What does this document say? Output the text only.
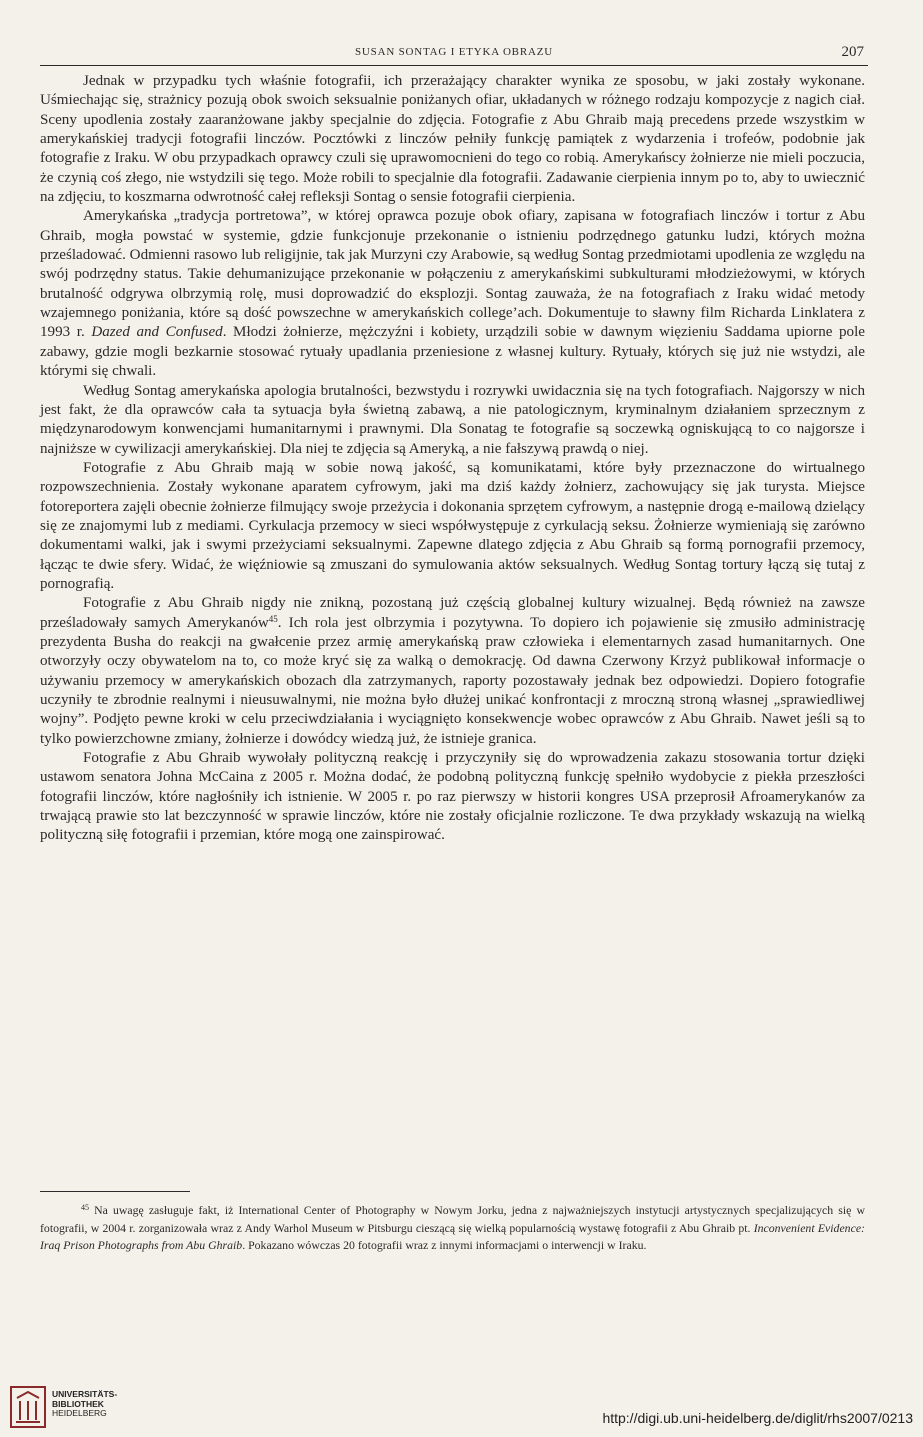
SUSAN SONTAG I ETYKA OBRAZU	207

Jednak w przypadku tych właśnie fotografii, ich przerażający charakter wynika ze sposobu, w jaki zostały wykonane. Uśmiechając się, strażnicy pozują obok swoich seksualnie poniżanych ofiar, układanych w różnego rodzaju kompozycje z nagich ciał. Sceny upodlenia zostały zaaranżowane jakby specjalnie do zdjęcia. Fotografie z Abu Ghraib mają precedens przede wszystkim w amerykańskiej tradycji fotografii linczów. Pocztówki z linczów pełniły funkcję pamiątek z wydarzenia i trofeów, podobnie jak fotografie z Iraku. W obu przypadkach oprawcy czuli się uprawomocnieni do tego co robią. Amerykańscy żołnierze nie mieli poczucia, że czynią coś złego, nie wstydzili się tego. Może robili to specjalnie dla fotografii. Zadawanie cierpienia innym po to, aby to uwiecznić na zdjęciu, to koszmarna odwrotność całej refleksji Sontag o sensie fotografii cierpienia.

Amerykańska „tradycja portretowa”, w której oprawca pozuje obok ofiary, zapisana w fotografiach linczów i tortur z Abu Ghraib, mogła powstać w systemie, gdzie funkcjonuje przekonanie o istnieniu podrzędnego gatunku ludzi, których można prześladować. Odmienni rasowo lub religijnie, tak jak Murzyni czy Arabowie, są według Sontag przedmiotami upodlenia ze względu na swój podrzędny status. Takie dehumanizujące przekonanie w połączeniu z amerykańskimi subkulturami młodzieżowymi, w których brutalność odgrywa olbrzymią rolę, musi doprowadzić do eksplozji. Sontag zauważa, że na fotografiach z Iraku widać metody wzajemnego poniżania, które są dość powszechne w amerykańskich college’ach. Dokumentuje to sławny film Richarda Linklatera z 1993 r. Dazed and Confused. Młodzi żołnierze, mężczyźni i kobiety, urządzili sobie w dawnym więzieniu Saddama upiorne pole zabawy, gdzie mogli bezkarnie stosować rytuały upadlania przeniesione z własnej kultury. Rytuały, których się już nie wstydzi, ale którymi się chwali.

Według Sontag amerykańska apologia brutalności, bezwstydu i rozrywki uwidacznia się na tych fotografiach. Najgorszy w nich jest fakt, że dla oprawców cała ta sytuacja była świetną zabawą, a nie patologicznym, kryminalnym działaniem sprzecznym z międzynarodowym konwencjami humanitarnymi i prawnymi. Dla Sonatag te fotografie są soczewką ogniskującą to co najgorsze i najniższe w cywilizacji amerykańskiej. Dla niej te zdjęcia są Ameryką, a nie fałszywą prawdą o niej.

Fotografie z Abu Ghraib mają w sobie nową jakość, są komunikatami, które były przeznaczone do wirtualnego rozpowszechnienia. Zostały wykonane aparatem cyfrowym, jaki ma dziś każdy żołnierz, zachowujący się jak turysta. Miejsce fotoreportera zajęli obecnie żołnierze filmujący swoje przeżycia i dokonania sprzętem cyfrowym, a następnie drogą e-mailową dzielący się ze znajomymi lub z mediami. Cyrkulacja przemocy w sieci współwystępuje z cyrkulacją seksu. Żołnierze wymieniają się zarówno dokumentami walki, jak i swymi przeżyciami seksualnymi. Zapewne dlatego zdjęcia z Abu Ghraib są formą pornografii przemocy, łącząc te dwie sfery. Widać, że więźniowie są zmuszani do symulowania aktów seksualnych. Według Sontag tortury łączą się tutaj z pornografią.

Fotografie z Abu Ghraib nigdy nie znikną, pozostaną już częścią globalnej kultury wizualnej. Będą również na zawsze prześladowały samych Amerykanów$^{45}$. Ich rola jest olbrzymia i pozytywna. To dopiero ich pojawienie się zmusiło administrację prezydenta Busha do reakcji na gwałcenie przez armię amerykańską praw człowieka i elementarnych zasad humanitarnych. One otworzyły oczy obywatelom na to, co może kryć się za walką o demokrację. Od dawna Czerwony Krzyż publikował informacje o używaniu przemocy w amerykańskich obozach dla zatrzymanych, raporty pozostawały jednak bez odpowiedzi. Dopiero fotografie uczyniły te zbrodnie realnymi i nieusuwalnymi, nie można było dłużej unikać konfrontacji z mroczną stroną własnej „sprawiedliwej wojny”. Podjęto pewne kroki w celu przeciwdziałania i wyciągnięto konsekwencje wobec oprawców z Abu Ghraib. Nawet jeśli są to tylko powierzchowne zmiany, żołnierze i dowódcy wiedzą już, że istnieje granica.

Fotografie z Abu Ghraib wywołały polityczną reakcję i przyczyniły się do wprowadzenia zakazu stosowania tortur dzięki ustawom senatora Johna McCaina z 2005 r. Można dodać, że podobną polityczną funkcję spełniło wydobycie z piekła przeszłości fotografii linczów, które nagłośniły ich istnienie. W 2005 r. po raz pierwszy w historii kongres USA przeprosił Afroamerykanów za trwającą prawie sto lat bezczynność w sprawie linczów, które nie zostały oficjalnie rozliczone. Te dwa przykłady wskazują na wielką polityczną siłę fotografii i przemian, które mogą one zainspirować.

$^{45}$ Na uwagę zasługuje fakt, iż International Center of Photography w Nowym Jorku, jedna z najważniejszych instytucji artystycznych specjalizujących się w fotografii, w 2004 r. zorganizowała wraz z Andy Warhol Museum w Pitsburgu cieszącą się wielką popularnością wystawę fotografii z Abu Ghraib pt. Inconvenient Evidence: Iraq Prison Photographs from Abu Ghraib. Pokazano wówczas 20 fotografii wraz z innymi informacjami o interwencji w Iraku.

UNIVERSITÄTS-
BIBLIOTHEK
HEIDELBERG	http://digi.ub.uni-heidelberg.de/diglit/rhs2007/0213
